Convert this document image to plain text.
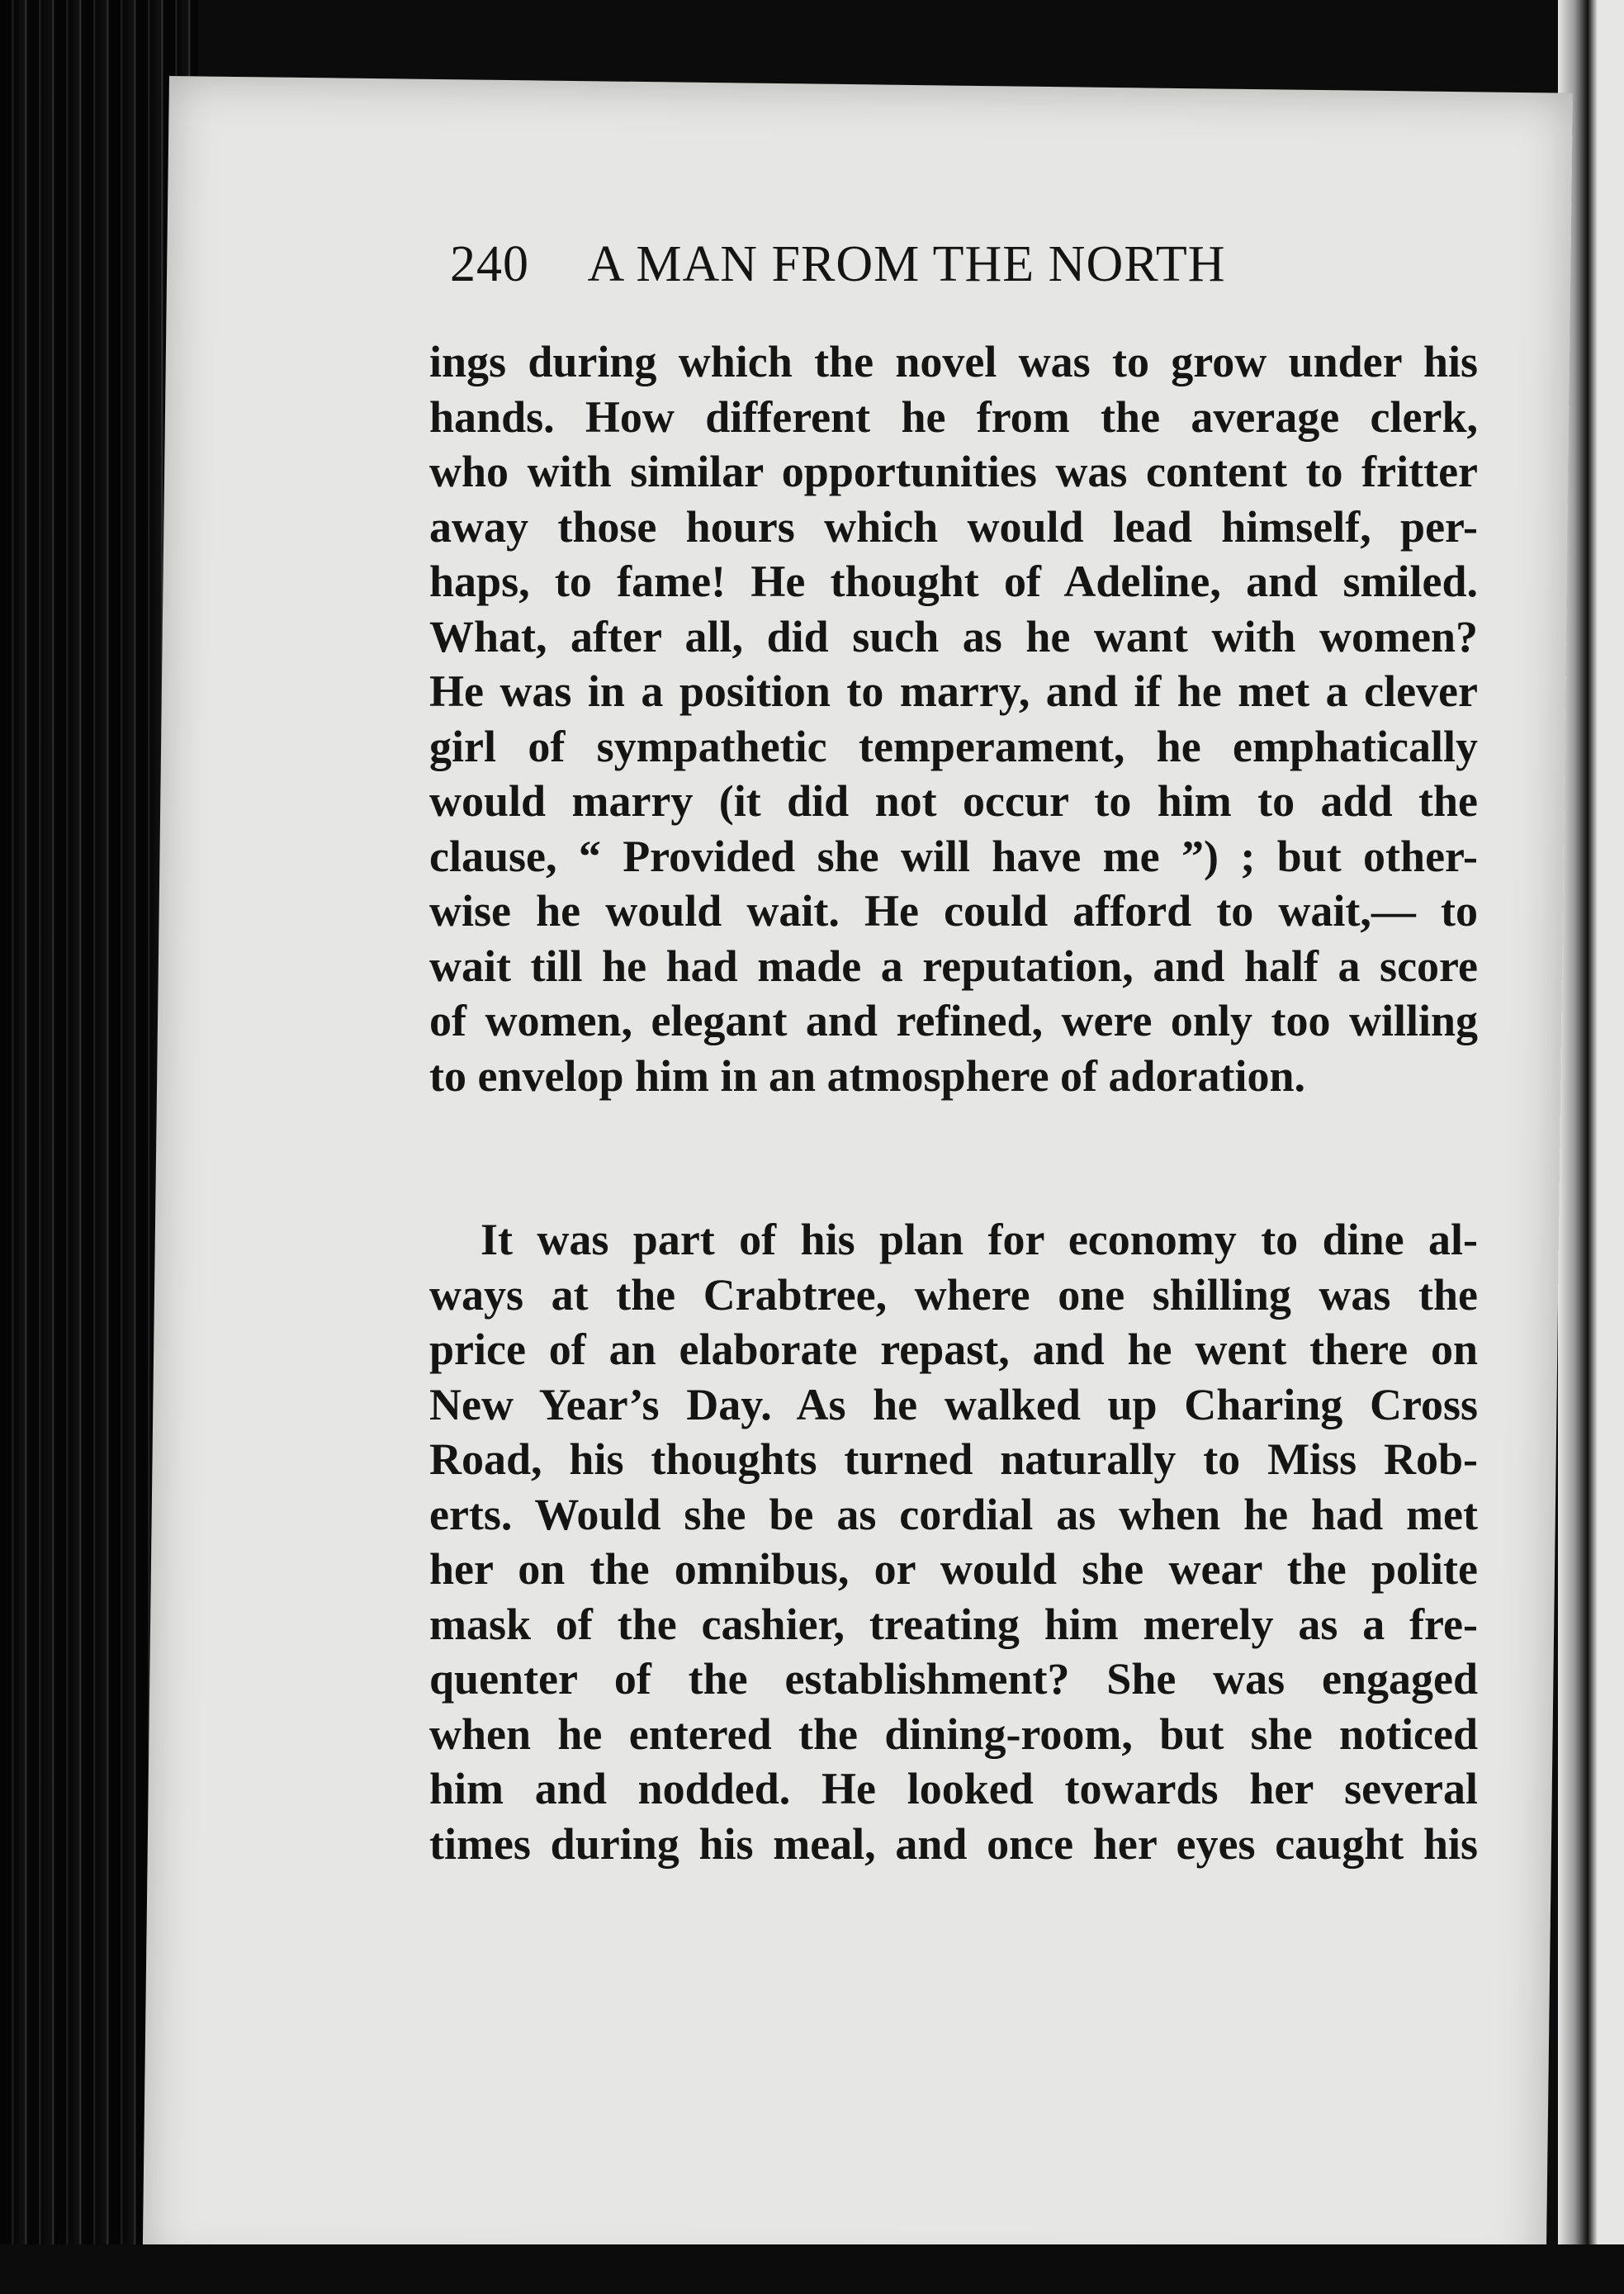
240 A MAN FROM THE NORTH
ings during which the novel was to grow under his
hands. How different he from the average clerk,
who with similar opportunities was content to fritter
away those hours which would lead himself, per-
haps, to fame! He thought of Adeline, and smiled.
What, after all, did such as he want with women?
He was in a position to marry, and if he met a clever
girl of sympathetic temperament, he emphatically
would marry (it did not occur to him to add the
clause, “ Provided she will have me ”) ; but other-
wise he would wait. He could afford to wait,— to
wait till he had made a reputation, and half a score
of women, elegant and refined, were only too willing
to envelop him in an atmosphere of adoration.
It was part of his plan for economy to dine al-
ways at the Crabtree, where one shilling was the
price of an elaborate repast, and he went there on
New Year’s Day. As he walked up Charing Cross
Road, his thoughts turned naturally to Miss Rob-
erts. Would she be as cordial as when he had met
her on the omnibus, or would she wear the polite
mask of the cashier, treating him merely as a fre-
quenter of the establishment? She was engaged
when he entered the dining-room, but she noticed
him and nodded. He looked towards her several
times during his meal, and once her eyes caught his
